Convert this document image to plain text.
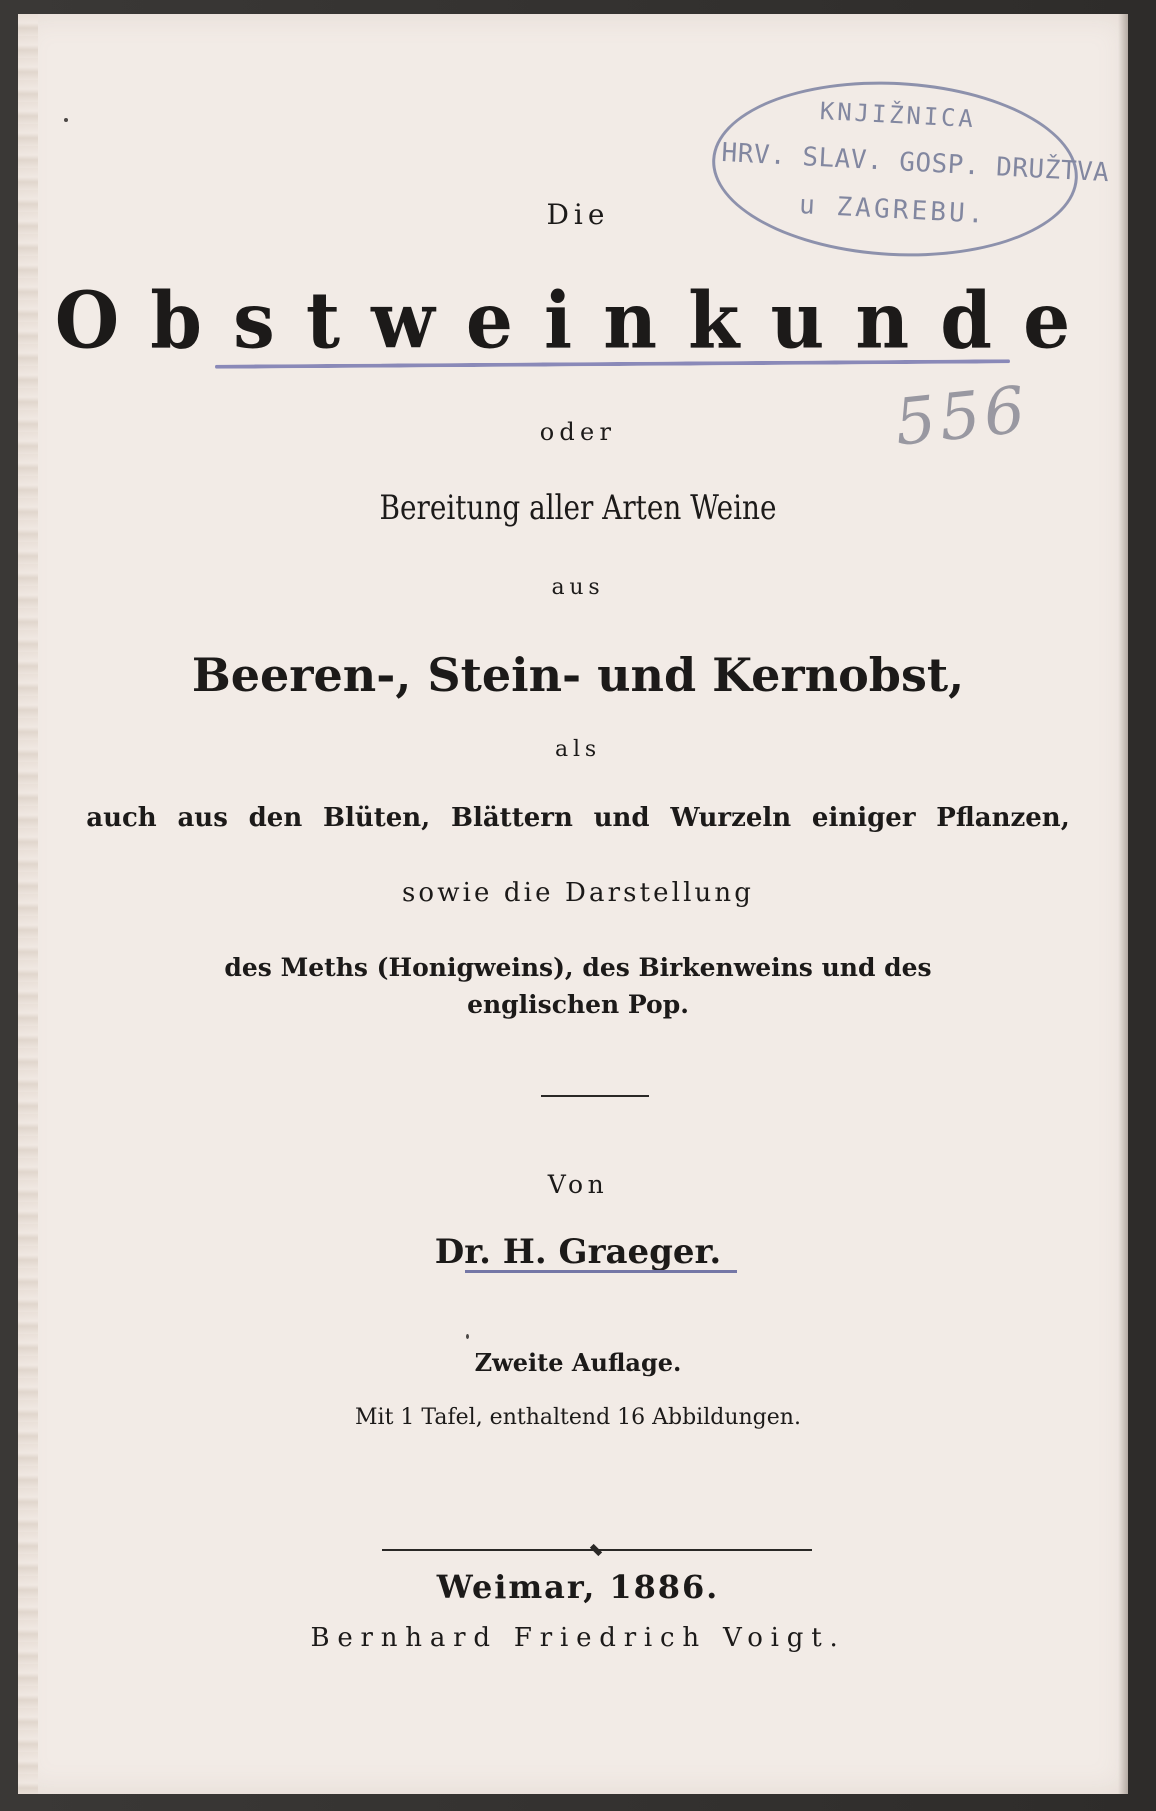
KNJIŽNICA
HRV. SLAV. GOSP. DRUŽTVA
u ZAGREBU.
556
Die
Obstweinkunde
oder
Bereitung aller Arten Weine
aus
Beeren-, Stein- und Kernobst,
als
auch aus den Blüten, Blättern und Wurzeln einiger Pflanzen,
sowie die Darstellung
des Meths (Honigweins), des Birkenweins und des
englischen Pop.
Von
Dr. H. Graeger.
Zweite Auflage.
Mit 1 Tafel, enthaltend 16 Abbildungen.
Weimar, 1886.
Bernhard Friedrich Voigt.
